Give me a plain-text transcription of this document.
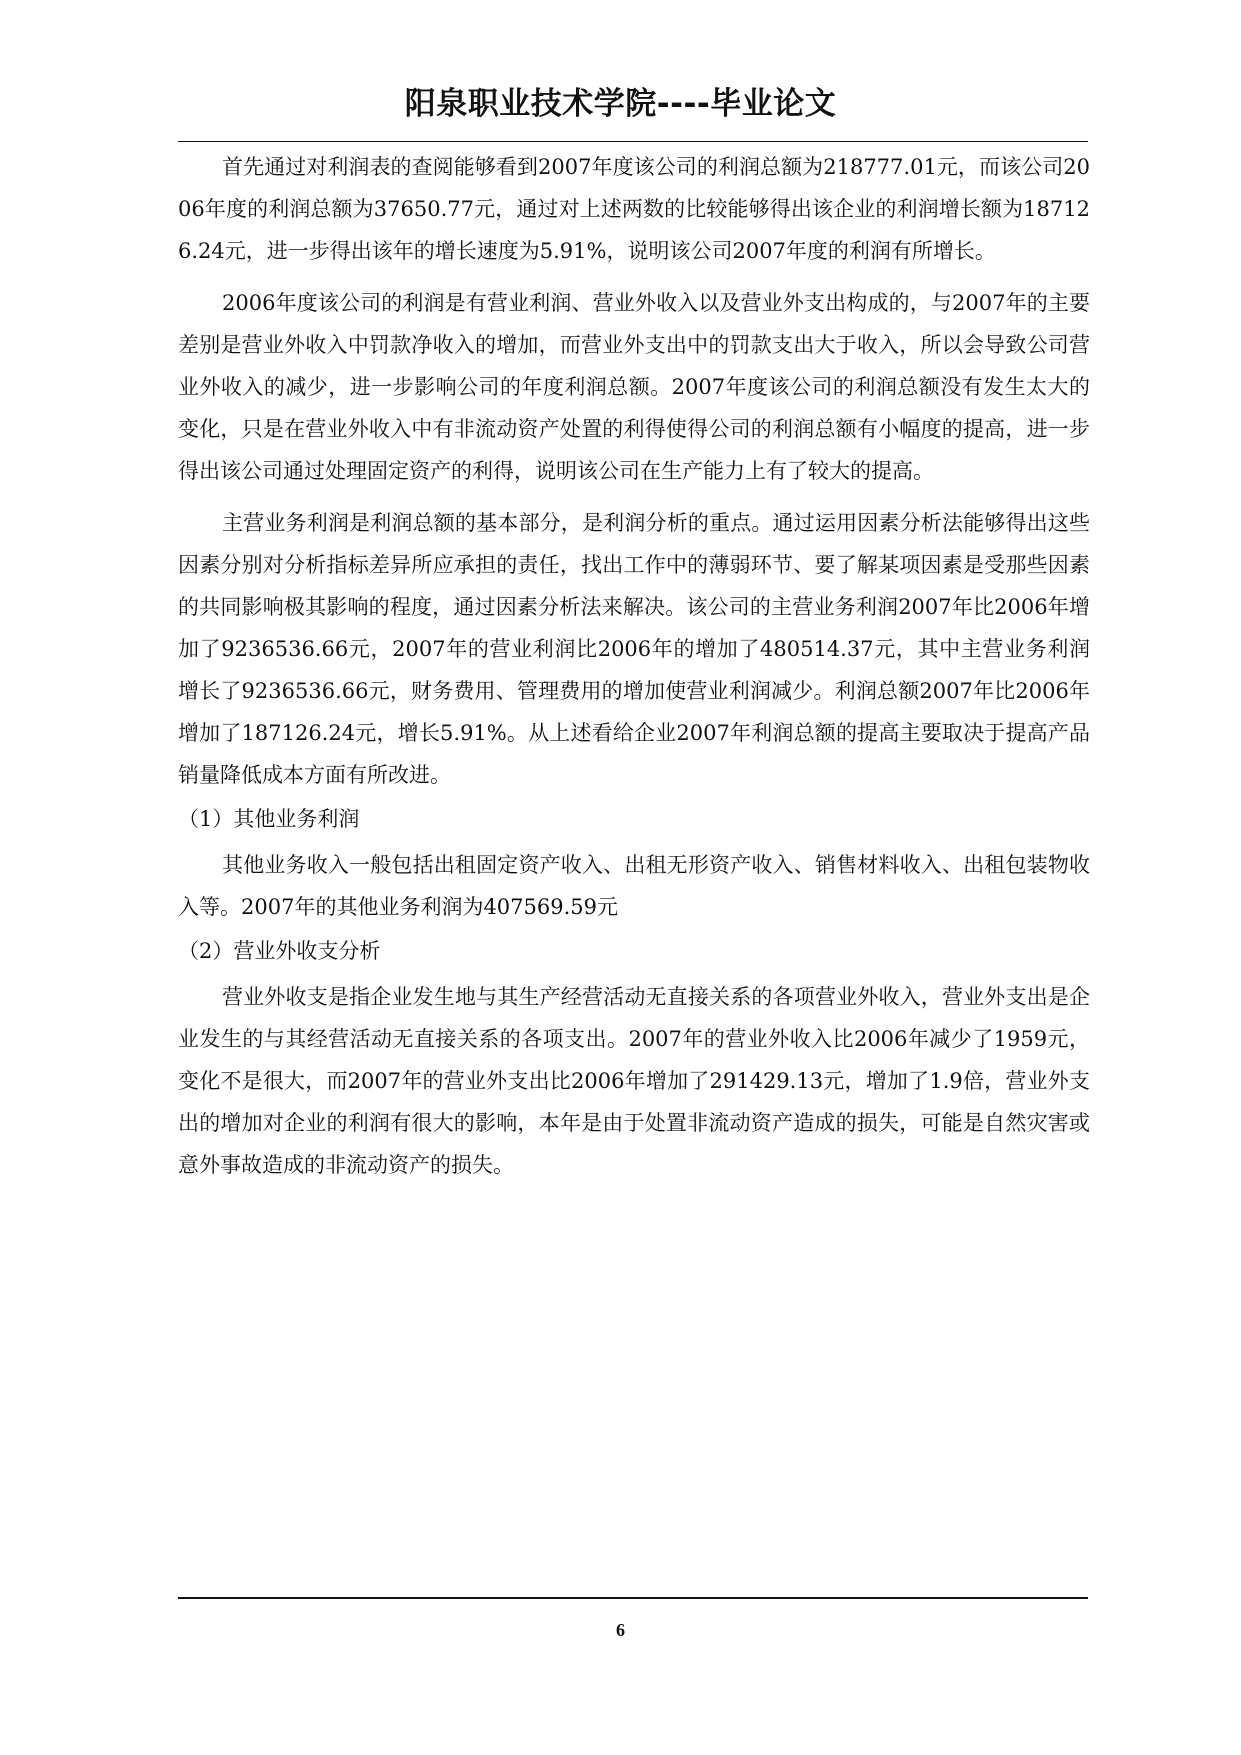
阳泉职业技术学院----毕业论文

首先通过对利润表的查阅能够看到2007年度该公司的利润总额为218777.01元，而该公司2006年度的利润总额为37650.77元，通过对上述两数的比较能够得出该企业的利润增长额为187126.24元，进一步得出该年的增长速度为5.91%，说明该公司2007年度的利润有所增长。

2006年度该公司的利润是有营业利润、营业外收入以及营业外支出构成的，与2007年的主要差别是营业外收入中罚款净收入的增加，而营业外支出中的罚款支出大于收入，所以会导致公司营业外收入的减少，进一步影响公司的年度利润总额。2007年度该公司的利润总额没有发生太大的变化，只是在营业外收入中有非流动资产处置的利得使得公司的利润总额有小幅度的提高，进一步得出该公司通过处理固定资产的利得，说明该公司在生产能力上有了较大的提高。

主营业务利润是利润总额的基本部分，是利润分析的重点。通过运用因素分析法能够得出这些因素分别对分析指标差异所应承担的责任，找出工作中的薄弱环节、要了解某项因素是受那些因素的共同影响极其影响的程度，通过因素分析法来解决。该公司的主营业务利润2007年比2006年增加了9236536.66元，2007年的营业利润比2006年的增加了480514.37元，其中主营业务利润增长了9236536.66元，财务费用、管理费用的增加使营业利润减少。利润总额2007年比2006年增加了187126.24元，增长5.91%。从上述看给企业2007年利润总额的提高主要取决于提高产品销量降低成本方面有所改进。

（1）其他业务利润

其他业务收入一般包括出租固定资产收入、出租无形资产收入、销售材料收入、出租包装物收入等。2007年的其他业务利润为407569.59元

（2）营业外收支分析

营业外收支是指企业发生地与其生产经营活动无直接关系的各项营业外收入，营业外支出是企业发生的与其经营活动无直接关系的各项支出。2007年的营业外收入比2006年减少了1959元，变化不是很大，而2007年的营业外支出比2006年增加了291429.13元，增加了1.9倍，营业外支出的增加对企业的利润有很大的影响，本年是由于处置非流动资产造成的损失，可能是自然灾害或意外事故造成的非流动资产的损失。

6
